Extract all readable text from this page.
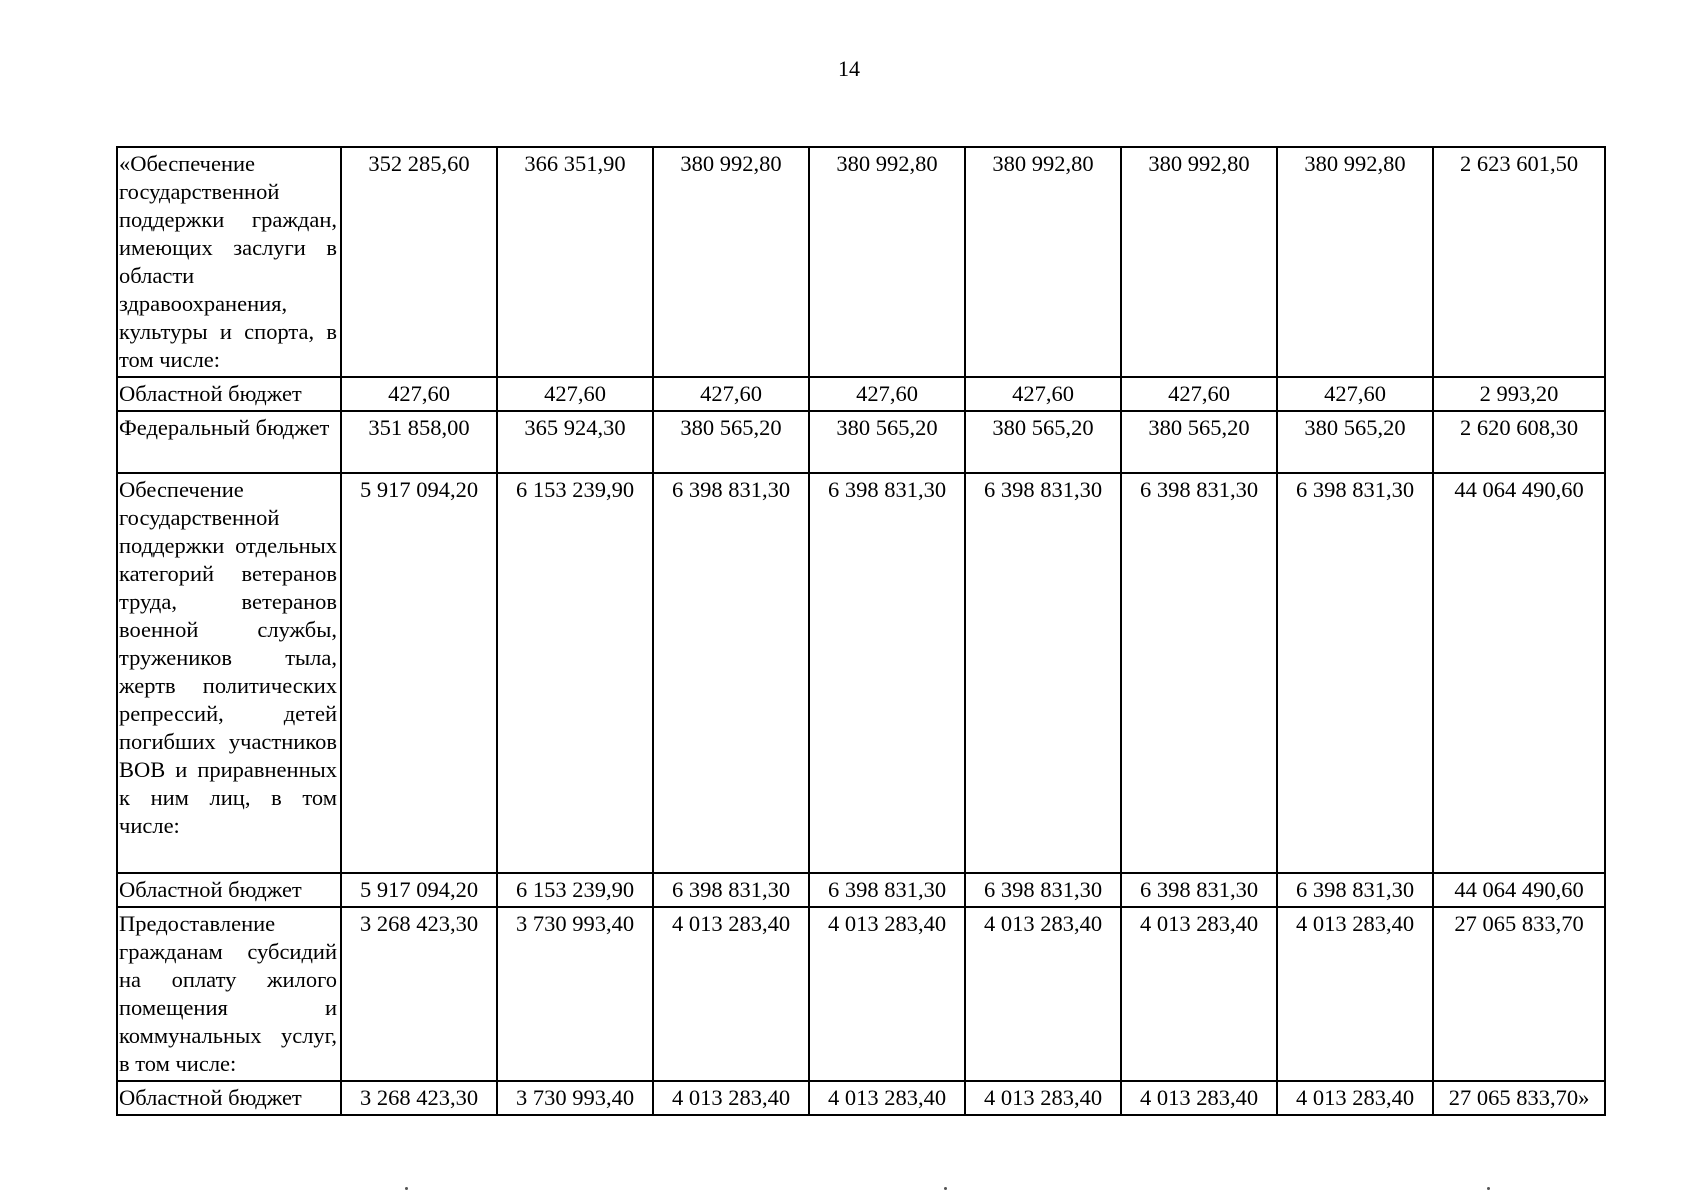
14
«Обеспечение государственной поддержки граждан, имеющих заслуги в области здравоохранения, культуры и спорта, в том числе:	352 285,60	366 351,90	380 992,80	380 992,80	380 992,80	380 992,80	380 992,80	2 623 601,50
Областной бюджет	427,60	427,60	427,60	427,60	427,60	427,60	427,60	2 993,20
Федеральный бюджет	351 858,00	365 924,30	380 565,20	380 565,20	380 565,20	380 565,20	380 565,20	2 620 608,30
Обеспечение государственной поддержки отдельных категорий ветеранов труда, ветеранов военной службы, тружеников тыла, жертв политических репрессий, детей погибших участников ВОВ и приравненных к ним лиц, в том числе:	5 917 094,20	6 153 239,90	6 398 831,30	6 398 831,30	6 398 831,30	6 398 831,30	6 398 831,30	44 064 490,60
Областной бюджет	5 917 094,20	6 153 239,90	6 398 831,30	6 398 831,30	6 398 831,30	6 398 831,30	6 398 831,30	44 064 490,60
Предоставление гражданам субсидий на оплату жилого помещения и коммунальных услуг, в том числе:	3 268 423,30	3 730 993,40	4 013 283,40	4 013 283,40	4 013 283,40	4 013 283,40	4 013 283,40	27 065 833,70
Областной бюджет	3 268 423,30	3 730 993,40	4 013 283,40	4 013 283,40	4 013 283,40	4 013 283,40	4 013 283,40	27 065 833,70»
